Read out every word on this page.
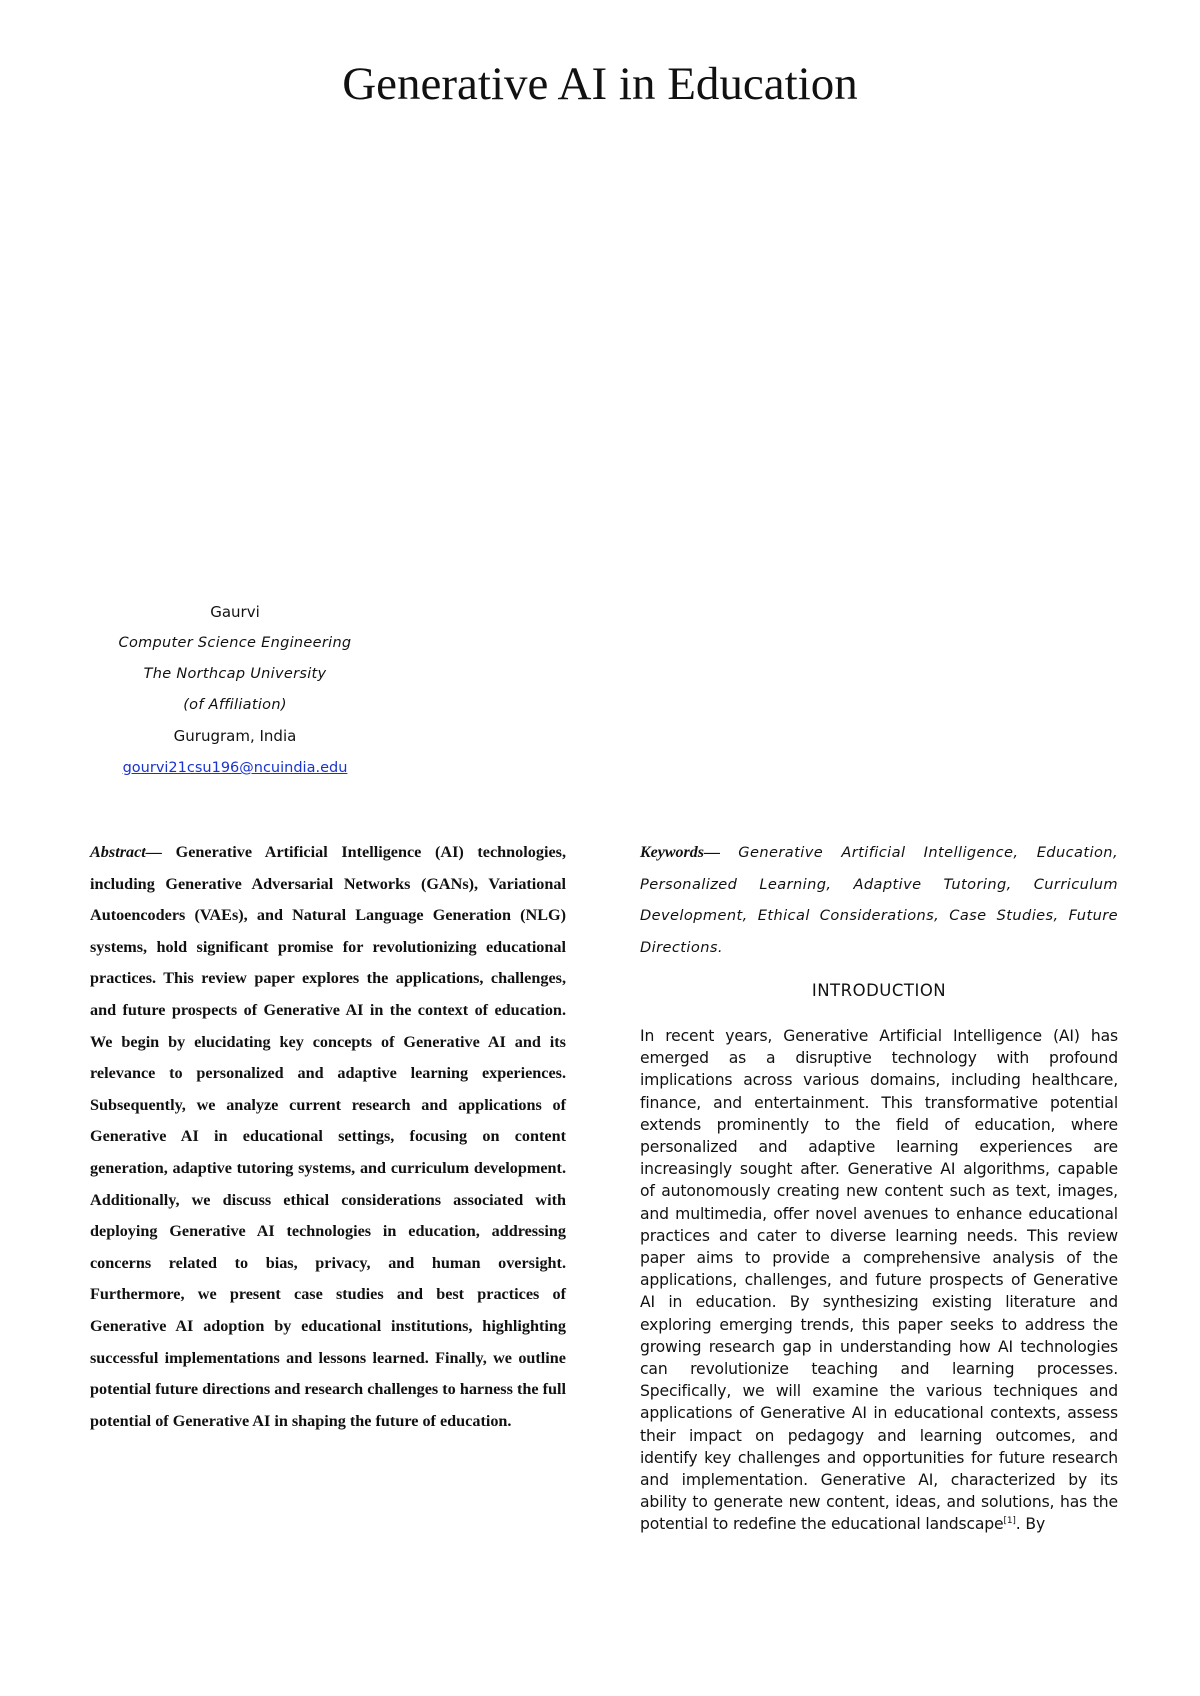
Generative AI in Education
Gaurvi
Computer Science Engineering
The Northcap University
(of Affiliation)
Gurugram, India
gourvi21csu196@ncuindia.edu
Abstract— Generative Artificial Intelligence (AI) technologies, including Generative Adversarial Networks (GANs), Variational Autoencoders (VAEs), and Natural Language Generation (NLG) systems, hold significant promise for revolutionizing educational practices. This review paper explores the applications, challenges, and future prospects of Generative AI in the context of education. We begin by elucidating key concepts of Generative AI and its relevance to personalized and adaptive learning experiences. Subsequently, we analyze current research and applications of Generative AI in educational settings, focusing on content generation, adaptive tutoring systems, and curriculum development. Additionally, we discuss ethical considerations associated with deploying Generative AI technologies in education, addressing concerns related to bias, privacy, and human oversight. Furthermore, we present case studies and best practices of Generative AI adoption by educational institutions, highlighting successful implementations and lessons learned. Finally, we outline potential future directions and research challenges to harness the full potential of Generative AI in shaping the future of education.
Keywords— Generative Artificial Intelligence, Education, Personalized Learning, Adaptive Tutoring, Curriculum Development, Ethical Considerations, Case Studies, Future Directions.
INTRODUCTION
In recent years, Generative Artificial Intelligence (AI) has emerged as a disruptive technology with profound implications across various domains, including healthcare, finance, and entertainment. This transformative potential extends prominently to the field of education, where personalized and adaptive learning experiences are increasingly sought after. Generative AI algorithms, capable of autonomously creating new content such as text, images, and multimedia, offer novel avenues to enhance educational practices and cater to diverse learning needs. This review paper aims to provide a comprehensive analysis of the applications, challenges, and future prospects of Generative AI in education. By synthesizing existing literature and exploring emerging trends, this paper seeks to address the growing research gap in understanding how AI technologies can revolutionize teaching and learning processes. Specifically, we will examine the various techniques and applications of Generative AI in educational contexts, assess their impact on pedagogy and learning outcomes, and identify key challenges and opportunities for future research and implementation. Generative AI, characterized by its ability to generate new content, ideas, and solutions, has the potential to redefine the educational landscape[1]. By
